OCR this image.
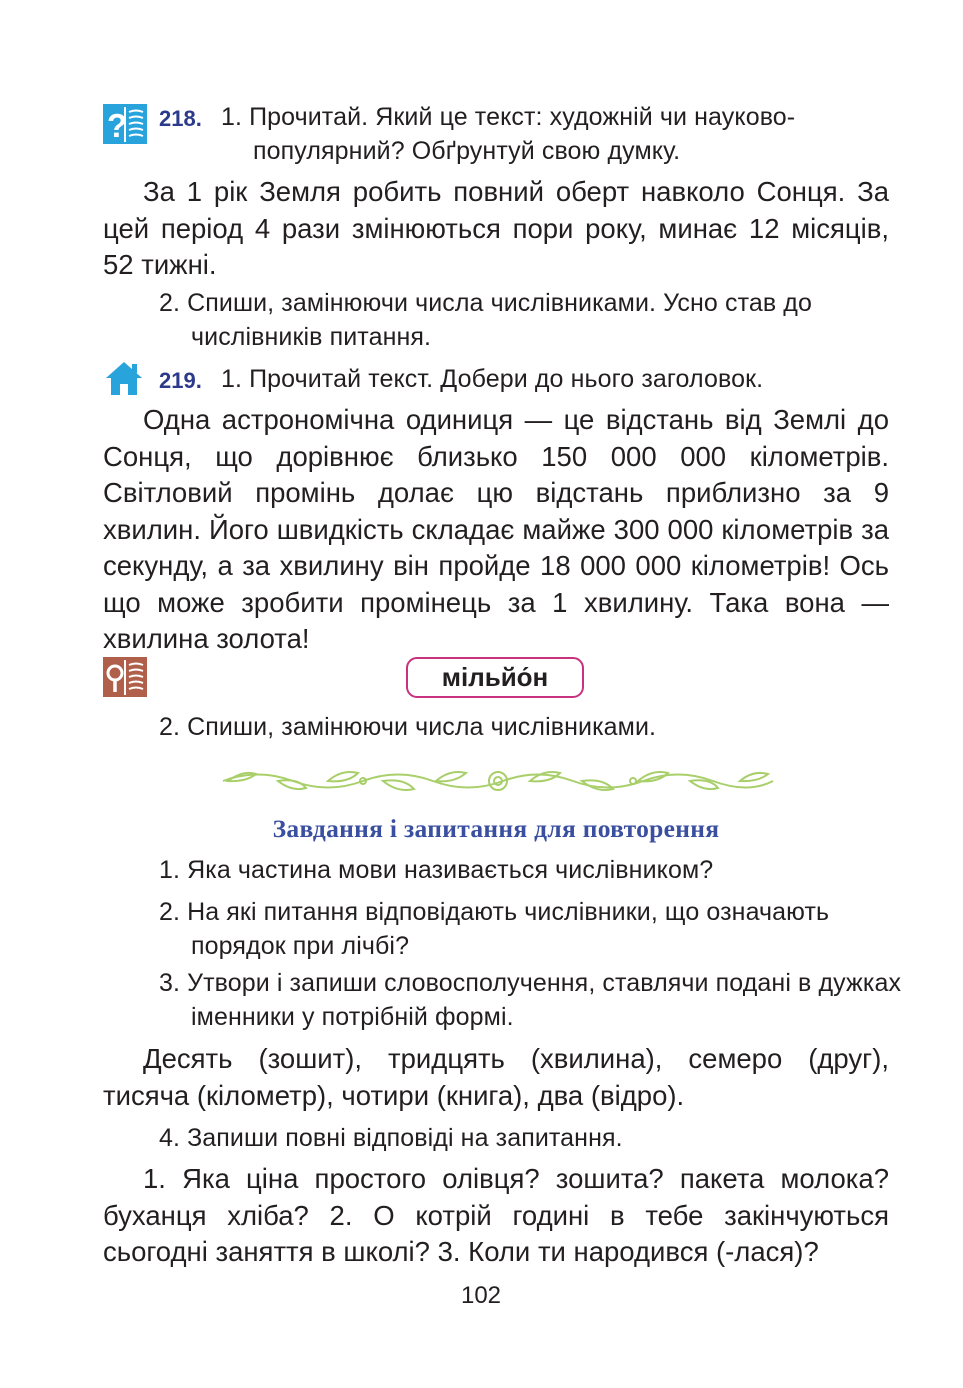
? 218. 1. Прочитай. Який це текст: художній чи науково-популярний? Обґрунтуй свою думку.
За 1 рік Земля робить повний оберт навколо Сонця. За цей період 4 рази змінюються пори року, минає 12 місяців, 52 тижні.
2. Спиши, замінюючи числа числівниками. Усно став до числівників питання.
219. 1. Прочитай текст. Добери до нього заголовок.
Одна астрономічна одиниця — це відстань від Землі до Сонця, що дорівнює близько 150 000 000 кілометрів. Світловий промінь долає цю відстань приблизно за 9 хвилин. Його швидкість складає майже 300 000 кілометрів за секунду, а за хвилину він пройде 18 000 000 кілометрів! Ось що може зробити промінець за 1 хвилину. Така вона — хвилина золота!
мільйо́н
2. Спиши, замінюючи числа числівниками.
Завдання і запитання для повторення
1. Яка частина мови називається числівником?
2. На які питання відповідають числівники, що означають порядок при лічбі?
3. Утвори і запиши словосполучення, ставлячи подані в дужках іменники у потрібній формі.
Десять (зошит), тридцять (хвилина), семеро (друг), тисяча (кілометр), чотири (книга), два (відро).
4. Запиши повні відповіді на запитання.
1. Яка ціна простого олівця? зошита? пакета молока? буханця хліба? 2. О котрій годині в тебе закінчуються сьогодні заняття в школі? 3. Коли ти народився (-лася)?
102
